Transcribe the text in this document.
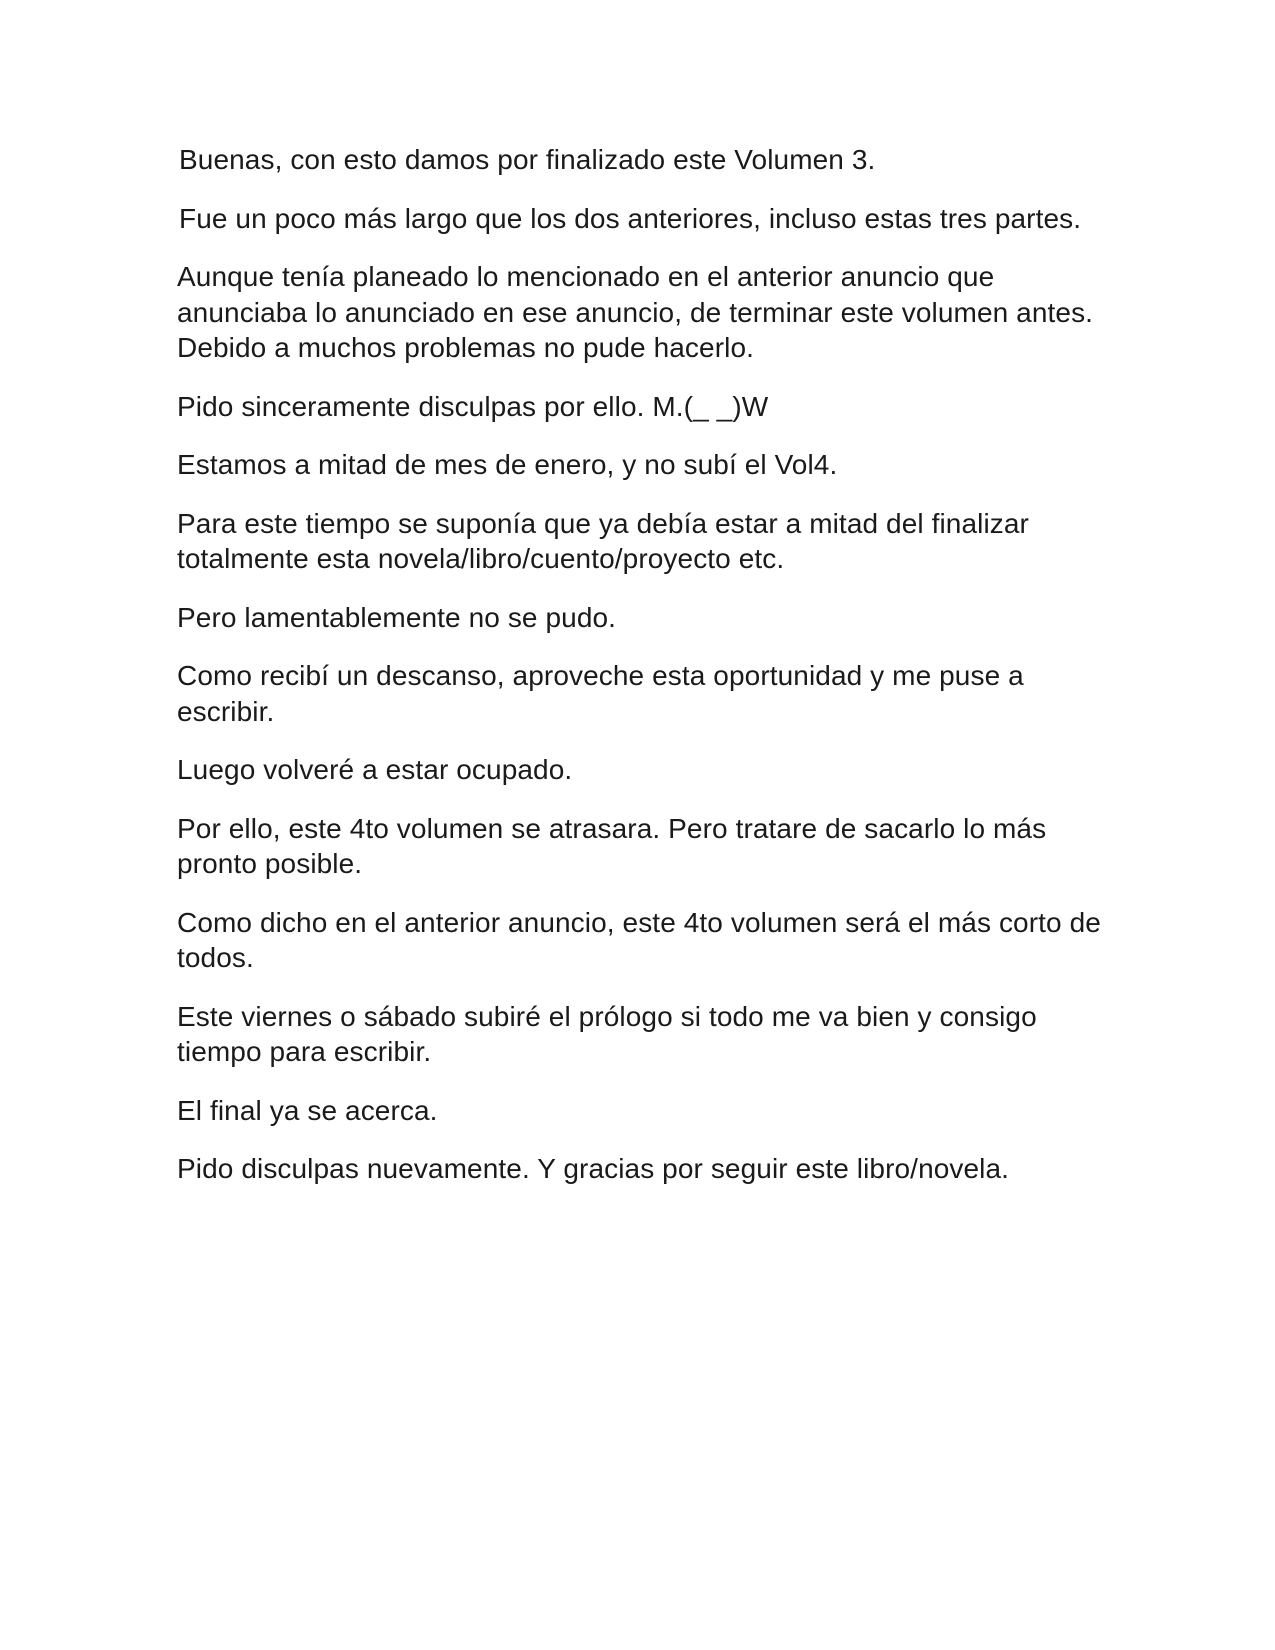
Buenas, con esto damos por finalizado este Volumen 3.

Fue un poco más largo que los dos anteriores, incluso estas tres partes.

Aunque tenía planeado lo mencionado en el anterior anuncio que anunciaba lo anunciado en ese anuncio, de terminar este volumen antes. Debido a muchos problemas no pude hacerlo.

Pido sinceramente disculpas por ello. M.(_ _)W

Estamos a mitad de mes de enero, y no subí el Vol4.

Para este tiempo se suponía que ya debía estar a mitad del finalizar totalmente esta novela/libro/cuento/proyecto etc.

Pero lamentablemente no se pudo.

Como recibí un descanso, aproveche esta oportunidad y me puse a escribir.

Luego volveré a estar ocupado.

Por ello, este 4to volumen se atrasara. Pero tratare de sacarlo lo más pronto posible.

Como dicho en el anterior anuncio, este 4to volumen será el más corto de todos.

Este viernes o sábado subiré el prólogo si todo me va bien y consigo tiempo para escribir.

El final ya se acerca.

Pido disculpas nuevamente. Y gracias por seguir este libro/novela.
